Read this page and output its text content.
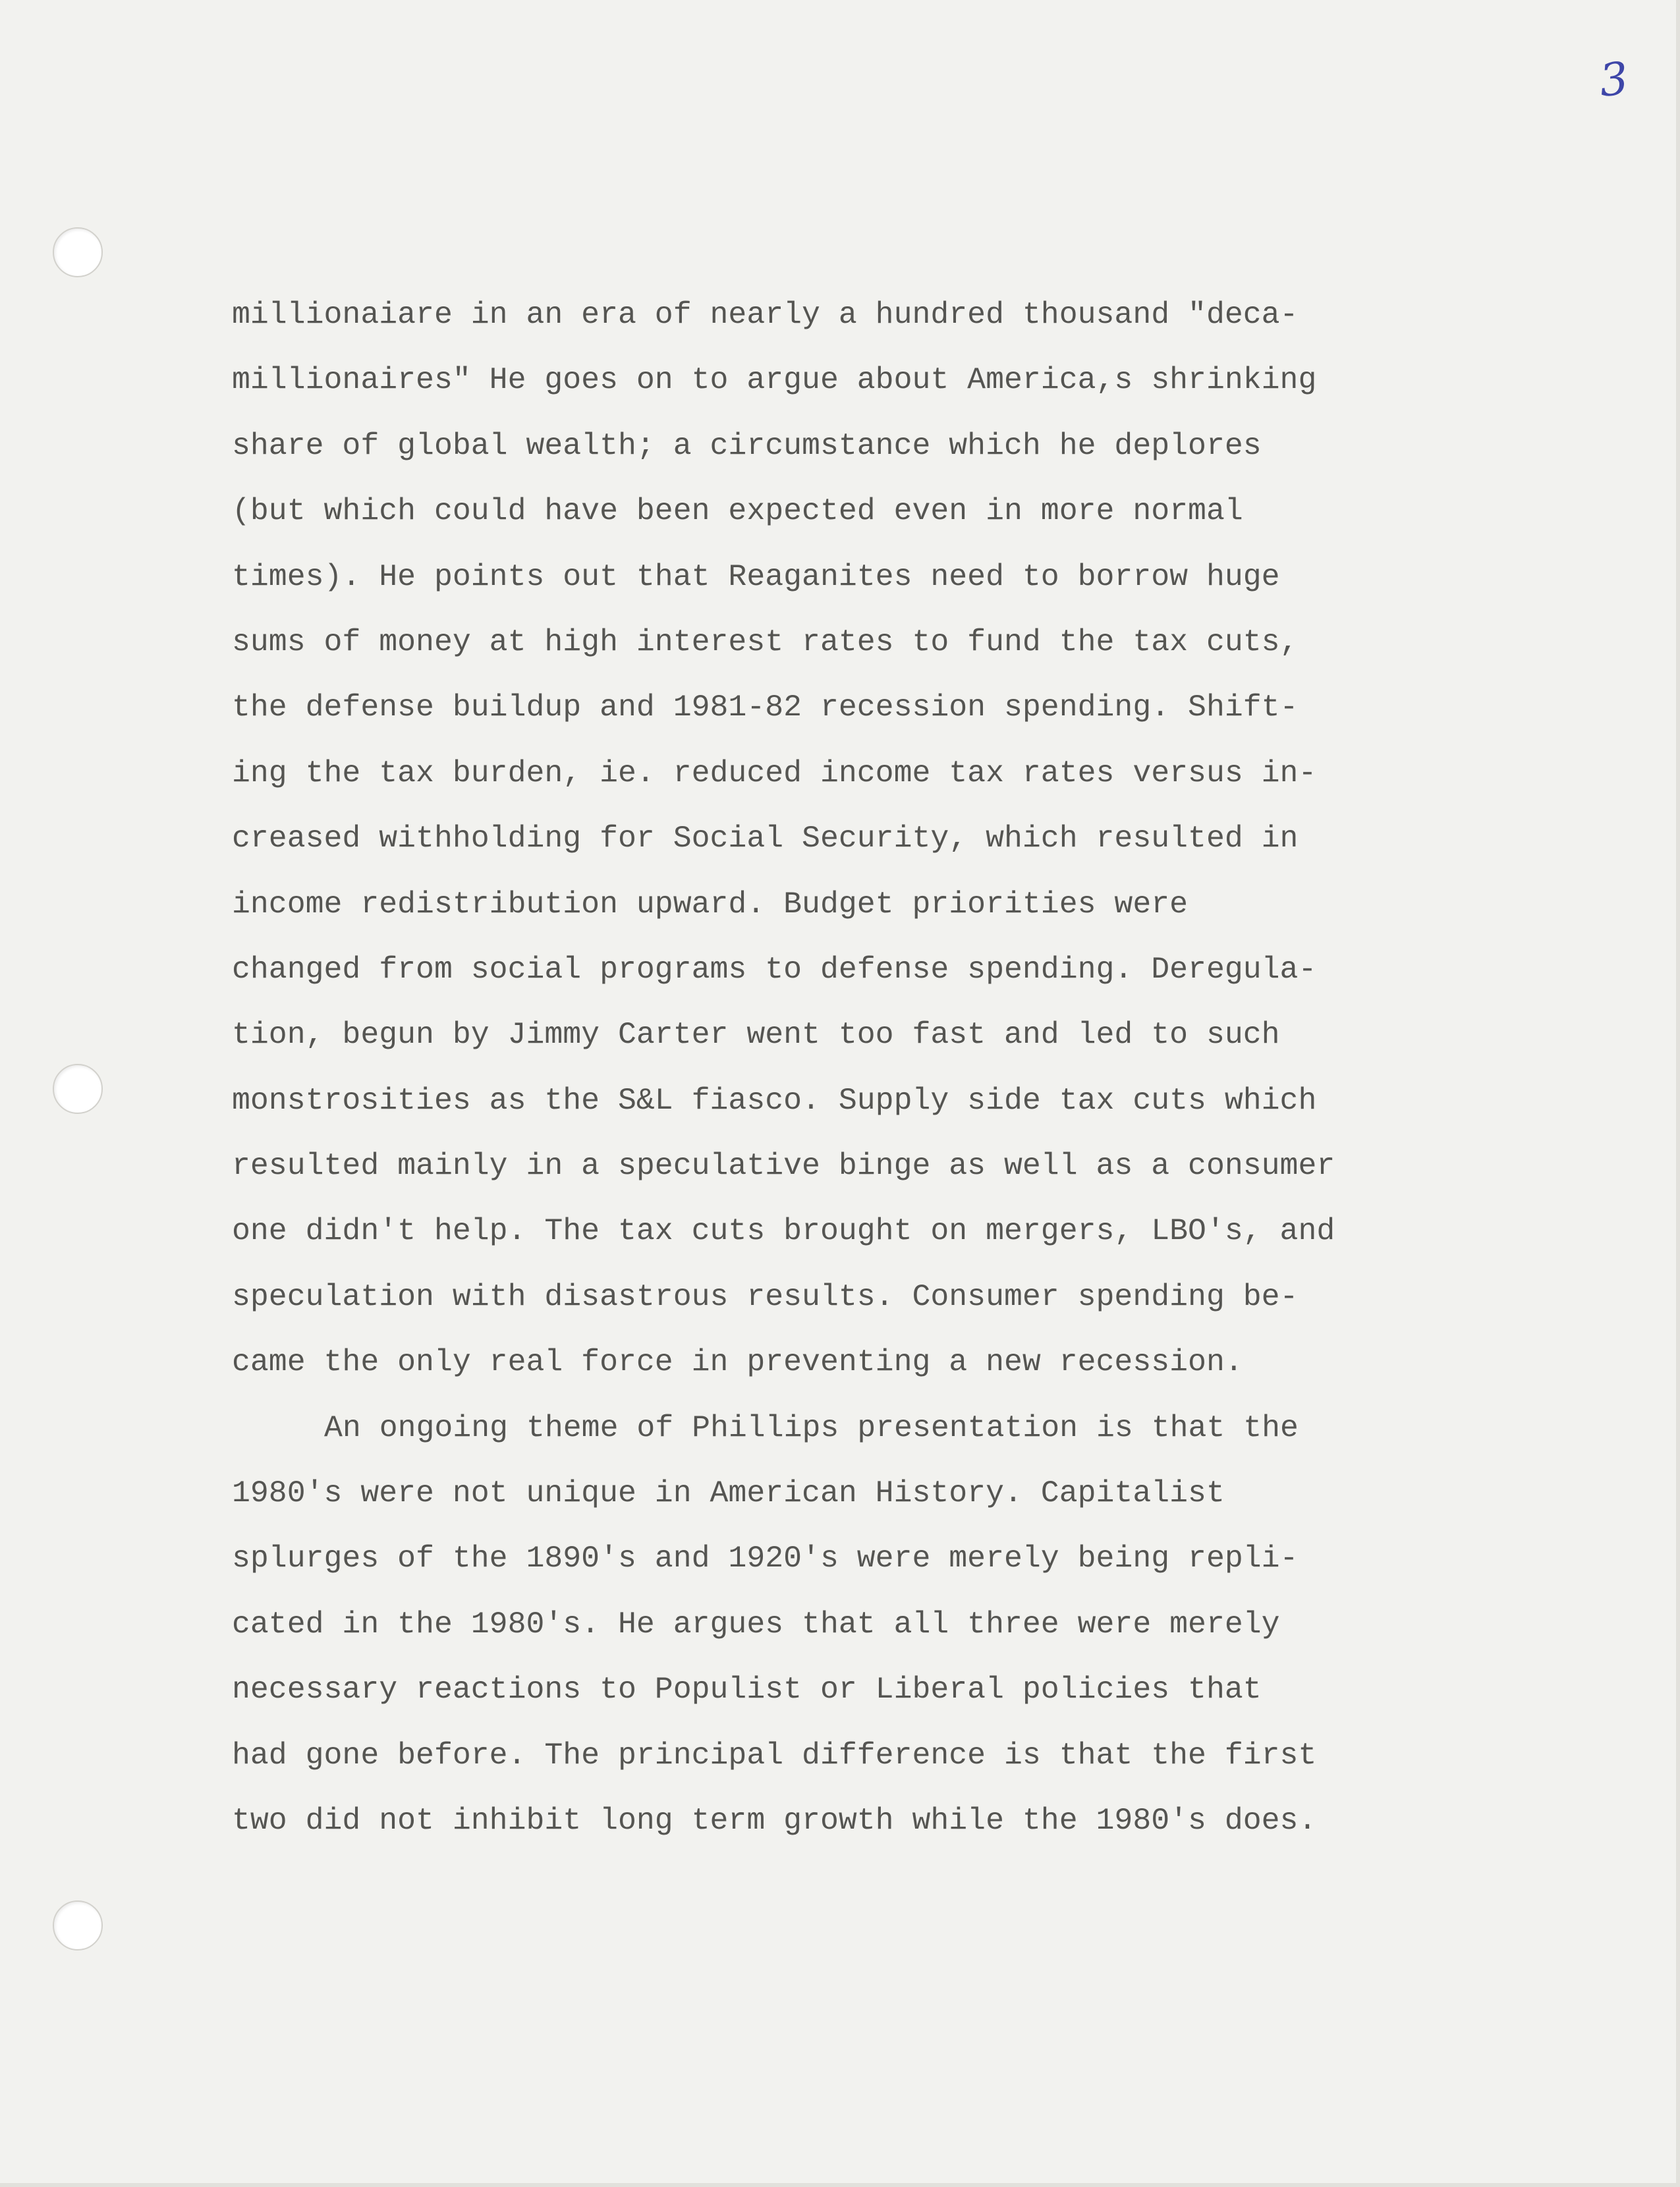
3
millionaiare in an era of nearly a hundred thousand "deca-
millionaires" He goes on to argue about America,s shrinking
share of global wealth; a circumstance which he deplores
(but which could have been expected even in more normal
times). He points out that Reaganites need to borrow huge
sums of money at high interest rates to fund the tax cuts,
the defense buildup and 1981-82 recession spending. Shift-
ing the tax burden, ie. reduced income tax rates versus in-
creased withholding for Social Security, which resulted in
income redistribution upward. Budget priorities were
changed from social programs to defense spending. Deregula-
tion, begun by Jimmy Carter went too fast and led to such
monstrosities as the S&L fiasco. Supply side tax cuts which
resulted mainly in a speculative binge as well as a consumer
one didn't help. The tax cuts brought on mergers, LBO's, and
speculation with disastrous results. Consumer spending be-
came the only real force in preventing a new recession.
An ongoing theme of Phillips presentation is that the
1980's were not unique in American History. Capitalist
splurges of the 1890's and 1920's were merely being repli-
cated in the 1980's. He argues that all three were merely
necessary reactions to Populist or Liberal policies that
had gone before. The principal difference is that the first
two did not inhibit long term growth while the 1980's does.
